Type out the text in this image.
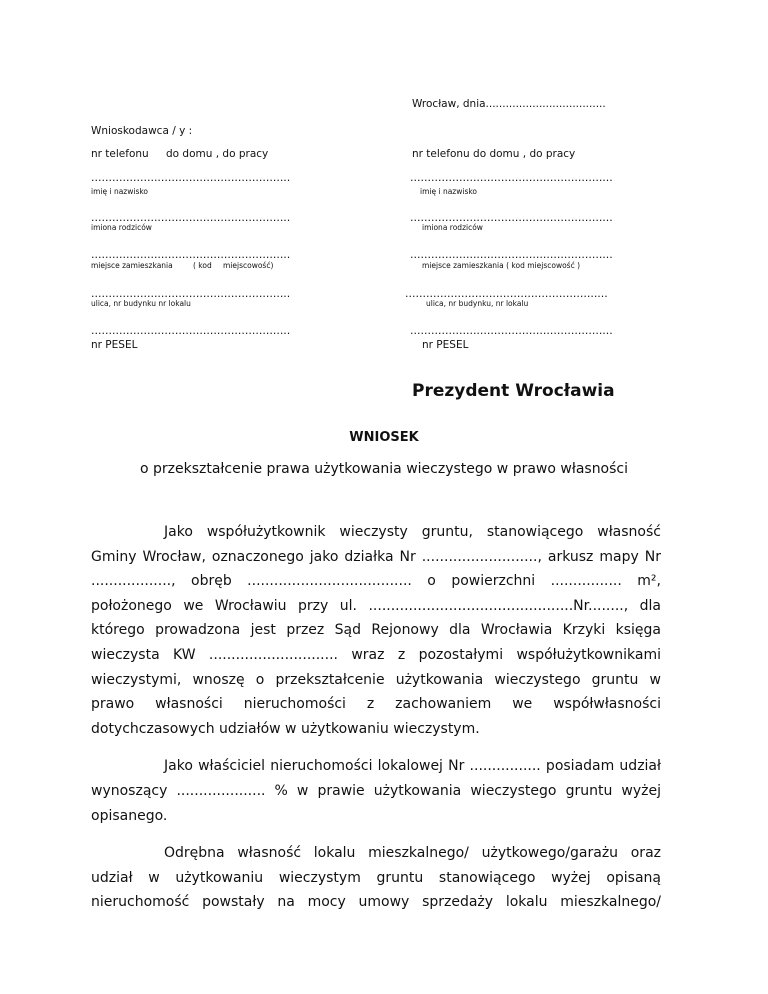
Wrocław, dnia....................................
Wnioskodawca / y :
nr telefonu do domu , do pracy
.........................................................
imię i nazwisko
.........................................................
imiona rodziców
.........................................................
miejsce zamieszkania	( kod miejscowość)
.........................................................
ulica, nr budynku nr lokalu
.........................................................
nr PESEL
nr telefonu do domu , do pracy
..........................................................
imię i nazwisko
..........................................................
imiona rodziców
..........................................................
miejsce zamieszkania ( kod miejscowość )
..........................................................
ulica, nr budynku, nr lokalu
..........................................................
nr PESEL
Prezydent Wrocławia
WNIOSEK
o przekształcenie prawa użytkowania wieczystego w prawo własności

Jako współużytkownik wieczysty gruntu, stanowiącego własność Gminy Wrocław, oznaczonego jako działka Nr .........................., arkusz mapy Nr .................., obręb ..................................... o powierzchni ................ m², położonego we Wrocławiu przy ul. ..............................................Nr........, dla którego prowadzona jest przez Sąd Rejonowy dla Wrocławia Krzyki księga wieczysta KW ............................. wraz z pozostałymi współużytkownikami wieczystymi, wnoszę o przekształcenie użytkowania wieczystego gruntu w prawo własności nieruchomości z zachowaniem we współwłasności dotychczasowych udziałów w użytkowaniu wieczystym.

Jako właściciel nieruchomości lokalowej Nr ................ posiadam udział wynoszący .................... % w prawie użytkowania wieczystego gruntu wyżej opisanego.

Odrębna własność lokalu mieszkalnego/ użytkowego/garażu oraz udział w użytkowaniu wieczystym gruntu stanowiącego wyżej opisaną nieruchomość powstały na mocy umowy sprzedaży lokalu mieszkalnego/
